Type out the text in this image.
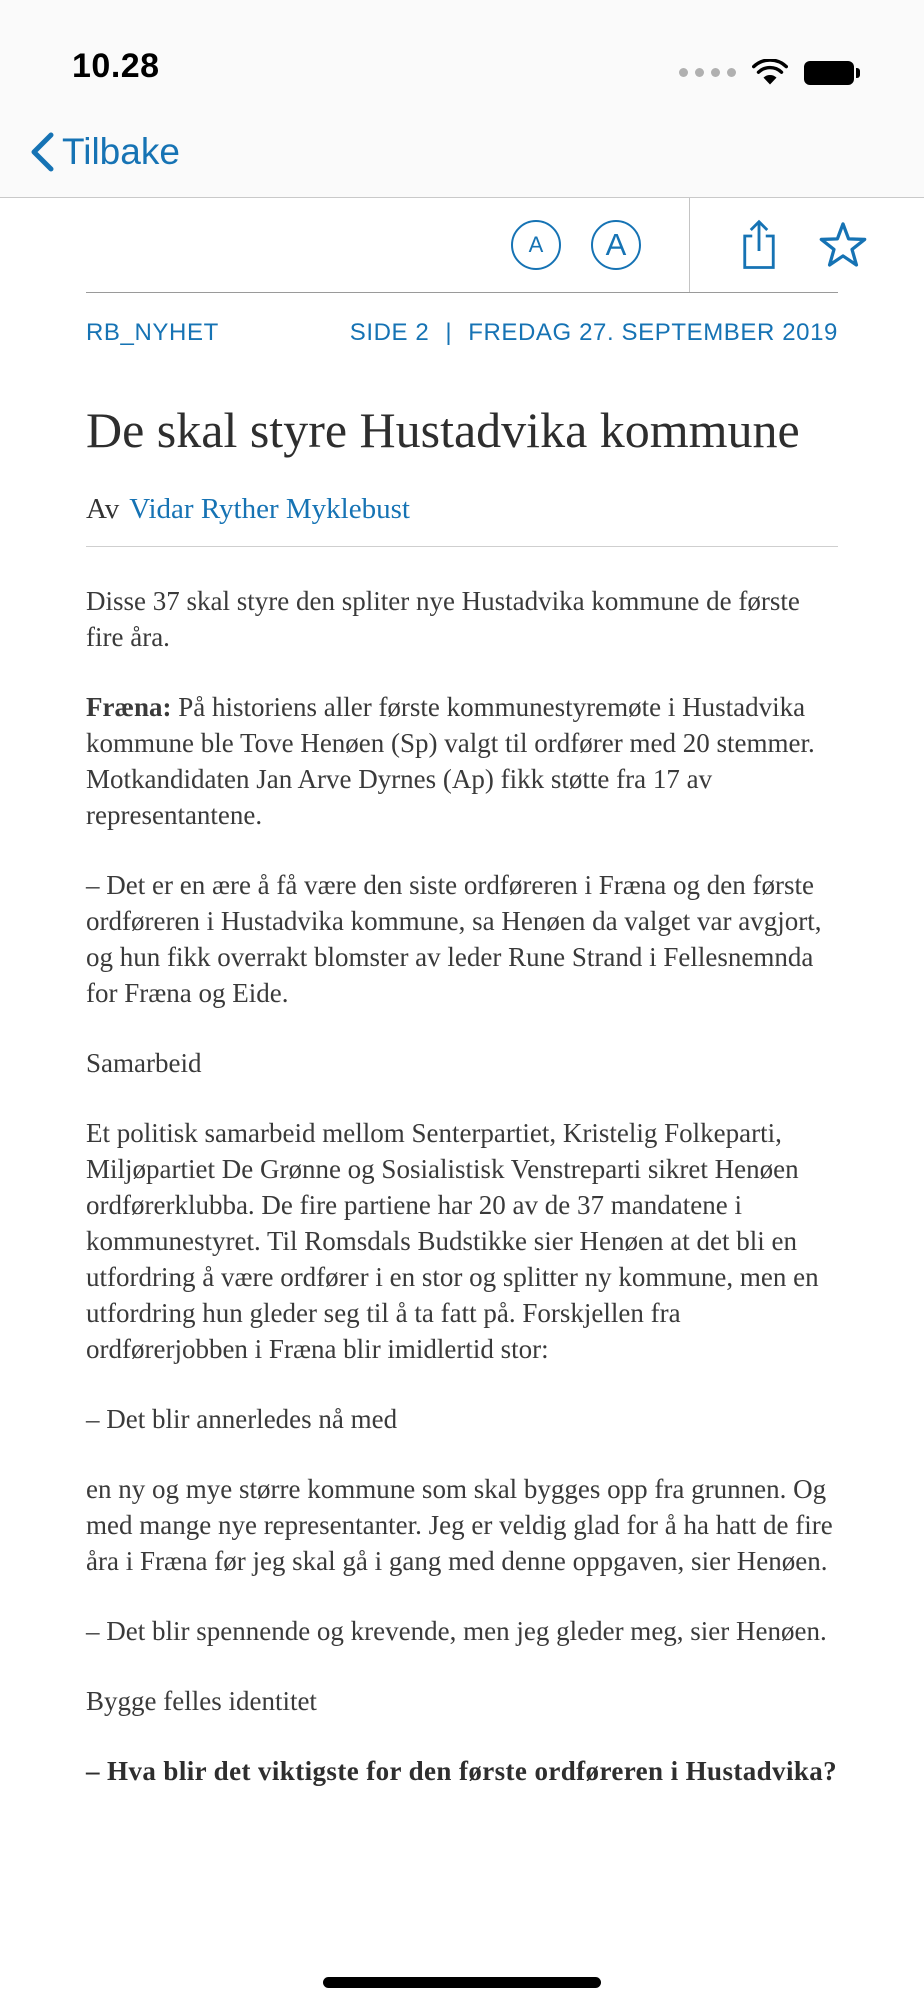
10.28
Tilbake
A A
RB_NYHET	SIDE 2 | FREDAG 27. SEPTEMBER 2019
De skal styre Hustadvika kommune
Av Vidar Ryther Myklebust

Disse 37 skal styre den spliter nye Hustadvika kommune de første fire åra.

Fræna: På historiens aller første kommunestyremøte i Hustadvika kommune ble Tove Henøen (Sp) valgt til ordfører med 20 stemmer. Motkandidaten Jan Arve Dyrnes (Ap) fikk støtte fra 17 av representantene.

– Det er en ære å få være den siste ordføreren i Fræna og den første ordføreren i Hustadvika kommune, sa Henøen da valget var avgjort, og hun fikk overrakt blomster av leder Rune Strand i Fellesnemnda for Fræna og Eide.

Samarbeid

Et politisk samarbeid mellom Senterpartiet, Kristelig Folkeparti, Miljøpartiet De Grønne og Sosialistisk Venstreparti sikret Henøen ordførerklubba. De fire partiene har 20 av de 37 mandatene i kommunestyret. Til Romsdals Budstikke sier Henøen at det bli en utfordring å være ordfører i en stor og splitter ny kommune, men en utfordring hun gleder seg til å ta fatt på. Forskjellen fra ordførerjobben i Fræna blir imidlertid stor:

– Det blir annerledes nå med

en ny og mye større kommune som skal bygges opp fra grunnen. Og med mange nye representanter. Jeg er veldig glad for å ha hatt de fire åra i Fræna før jeg skal gå i gang med denne oppgaven, sier Henøen.

– Det blir spennende og krevende, men jeg gleder meg, sier Henøen.

Bygge felles identitet

– Hva blir det viktigste for den første ordføreren i Hustadvika?
